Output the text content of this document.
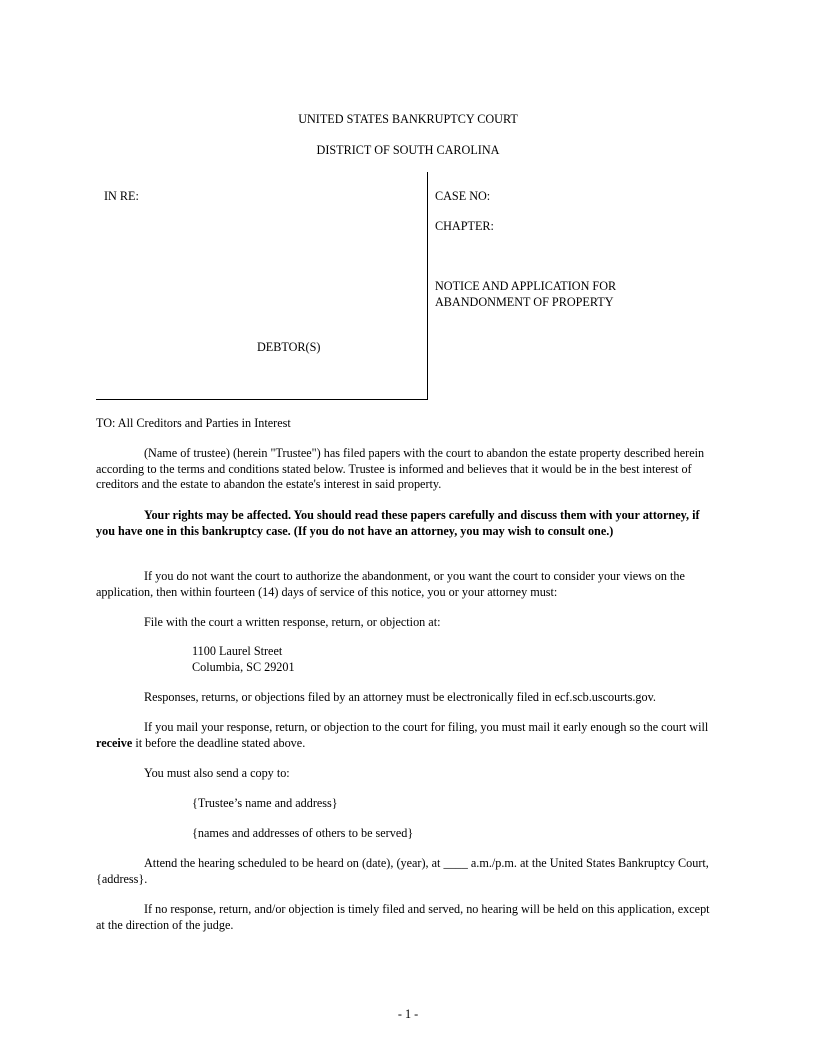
UNITED STATES BANKRUPTCY COURT
DISTRICT OF SOUTH CAROLINA
IN RE:
DEBTOR(S)
CASE NO:
CHAPTER:
NOTICE AND APPLICATION FOR
ABANDONMENT OF PROPERTY
TO: All Creditors and Parties in Interest
(Name of trustee) (herein "Trustee") has filed papers with the court to abandon the estate property described herein according to the terms and conditions stated below. Trustee is informed and believes that it would be in the best interest of creditors and the estate to abandon the estate's interest in said property.
Your rights may be affected. You should read these papers carefully and discuss them with your attorney, if you have one in this bankruptcy case. (If you do not have an attorney, you may wish to consult one.)
If you do not want the court to authorize the abandonment, or you want the court to consider your views on the application, then within fourteen (14) days of service of this notice, you or your attorney must:
File with the court a written response, return, or objection at:
1100 Laurel Street
Columbia, SC 29201
Responses, returns, or objections filed by an attorney must be electronically filed in ecf.scb.uscourts.gov.
If you mail your response, return, or objection to the court for filing, you must mail it early enough so the court will receive it before the deadline stated above.
You must also send a copy to:
{Trustee’s name and address}
{names and addresses of others to be served}
Attend the hearing scheduled to be heard on (date), (year), at ____ a.m./p.m. at the United States Bankruptcy Court, {address}.
If no response, return, and/or objection is timely filed and served, no hearing will be held on this application, except at the direction of the judge.
- 1 -
